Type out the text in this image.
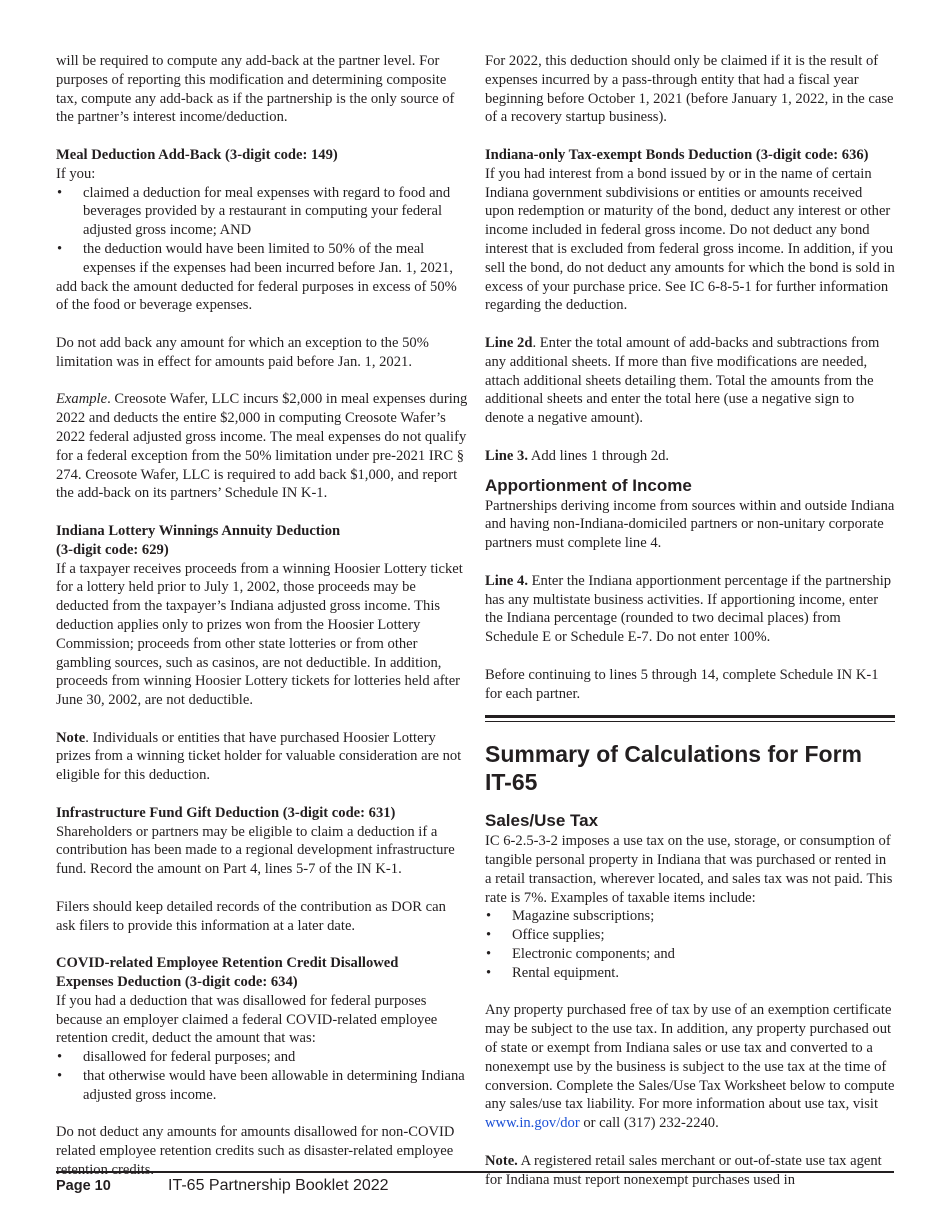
will be required to compute any add-back at the partner level. For purposes of reporting this modification and determining composite tax, compute any add-back as if the partnership is the only source of the partner’s interest income/deduction.

Meal Deduction Add-Back (3-digit code: 149)
If you:
• claimed a deduction for meal expenses with regard to food and beverages provided by a restaurant in computing your federal adjusted gross income; AND
• the deduction would have been limited to 50% of the meal expenses if the expenses had been incurred before Jan. 1, 2021,

add back the amount deducted for federal purposes in excess of 50% of the food or beverage expenses.

Do not add back any amount for which an exception to the 50% limitation was in effect for amounts paid before Jan. 1, 2021.

Example. Creosote Wafer, LLC incurs $2,000 in meal expenses during 2022 and deducts the entire $2,000 in computing Creosote Wafer’s 2022 federal adjusted gross income. The meal expenses do not qualify for a federal exception from the 50% limitation under pre-2021 IRC § 274. Creosote Wafer, LLC is required to add back $1,000, and report the add-back on its partners’ Schedule IN K-1.

Indiana Lottery Winnings Annuity Deduction
(3-digit code: 629)

If a taxpayer receives proceeds from a winning Hoosier Lottery ticket for a lottery held prior to July 1, 2002, those proceeds may be deducted from the taxpayer’s Indiana adjusted gross income. This deduction applies only to prizes won from the Hoosier Lottery Commission; proceeds from other state lotteries or from other gambling sources, such as casinos, are not deductible. In addition, proceeds from winning Hoosier Lottery tickets for lotteries held after June 30, 2002, are not deductible.

Note. Individuals or entities that have purchased Hoosier Lottery prizes from a winning ticket holder for valuable consideration are not eligible for this deduction.

Infrastructure Fund Gift Deduction (3-digit code: 631)

Shareholders or partners may be eligible to claim a deduction if a contribution has been made to a regional development infrastructure fund. Record the amount on Part 4, lines 5-7 of the IN K-1.

Filers should keep detailed records of the contribution as DOR can ask filers to provide this information at a later date.

COVID-related Employee Retention Credit Disallowed
Expenses Deduction (3-digit code: 634)
If you had a deduction that was disallowed for federal purposes because an employer claimed a federal COVID-related employee retention credit, deduct the amount that was:
• disallowed for federal purposes; and
• that otherwise would have been allowable in determining Indiana adjusted gross income.

Do not deduct any amounts for amounts disallowed for non-COVID related employee retention credits such as disaster-related employee retention credits.

For 2022, this deduction should only be claimed if it is the result of expenses incurred by a pass-through entity that had a fiscal year beginning before October 1, 2021 (before January 1, 2022, in the case of a recovery startup business).

Indiana-only Tax-exempt Bonds Deduction (3-digit code: 636)

If you had interest from a bond issued by or in the name of certain Indiana government subdivisions or entities or amounts received upon redemption or maturity of the bond, deduct any interest or other income included in federal gross income. Do not deduct any bond interest that is excluded from federal gross income. In addition, if you sell the bond, do not deduct any amounts for which the bond is sold in excess of your purchase price. See IC 6-8-5-1 for further information regarding the deduction.

Line 2d. Enter the total amount of add-backs and subtractions from any additional sheets. If more than five modifications are needed, attach additional sheets detailing them. Total the amounts from the additional sheets and enter the total here (use a negative sign to denote a negative amount).

Line 3. Add lines 1 through 2d.

Apportionment of Income

Partnerships deriving income from sources within and outside Indiana and having non-Indiana-domiciled partners or non-unitary corporate partners must complete line 4.

Line 4. Enter the Indiana apportionment percentage if the partnership has any multistate business activities. If apportioning income, enter the Indiana percentage (rounded to two decimal places) from Schedule E or Schedule E-7. Do not enter 100%.

Before continuing to lines 5 through 14, complete Schedule IN K-1 for each partner.

Summary of Calculations for Form IT-65
Sales/Use Tax
IC 6-2.5-3-2 imposes a use tax on the use, storage, or consumption of tangible personal property in Indiana that was purchased or rented in a retail transaction, wherever located, and sales tax was not paid. This rate is 7%. Examples of taxable items include:
• Magazine subscriptions;
• Office supplies;
• Electronic components; and
• Rental equipment.

Any property purchased free of tax by use of an exemption certificate may be subject to the use tax. In addition, any property purchased out of state or exempt from Indiana sales or use tax and converted to a nonexempt use by the business is subject to the use tax at the time of conversion. Complete the Sales/Use Tax Worksheet below to compute any sales/use tax liability. For more information about use tax, visit www.in.gov/dor or call (317) 232-2240.

Note. A registered retail sales merchant or out-of-state use tax agent for Indiana must report nonexempt purchases used in

Page 10	IT-65 Partnership Booklet 2022
